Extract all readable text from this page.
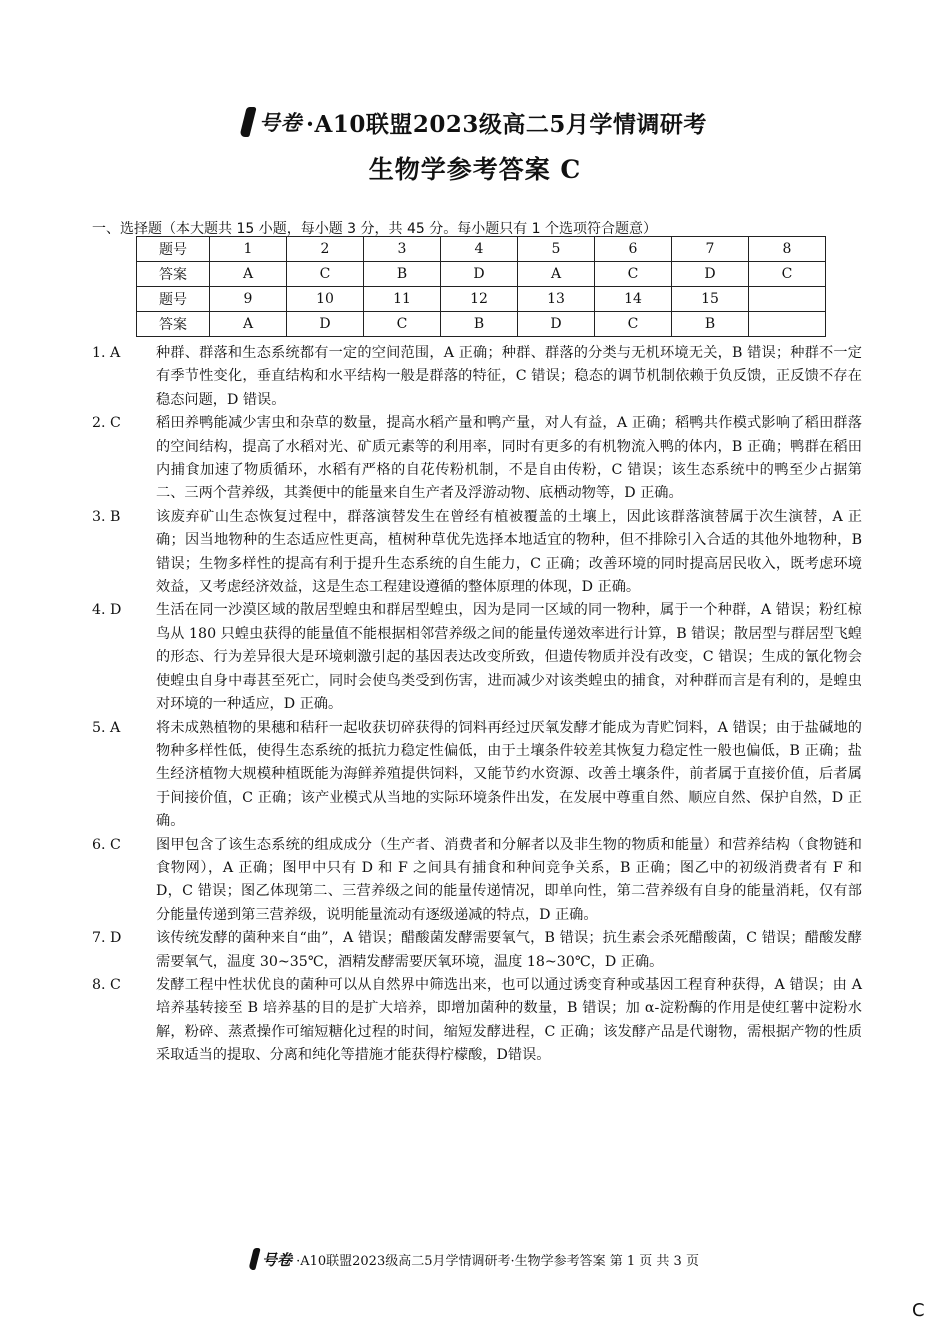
号卷 ·A10联盟2023级高二5月学情调研考
生物学参考答案 C
一、选择题（本大题共 15 小题，每小题 3 分，共 45 分。每小题只有 1 个选项符合题意）
题号	1	2	3	4	5	6	7	8
答案	A	C	B	D	A	C	D	C
题号	9	10	11	12	13	14	15	
答案	A	D	C	B	D	C	B	
1. A	种群、群落和生态系统都有一定的空间范围，A 正确；种群、群落的分类与无机环境无关，B 错误；种群不一定有季节性变化，垂直结构和水平结构一般是群落的特征，C 错误；稳态的调节机制依赖于负反馈，正反馈不存在稳态问题，D 错误。
2. C	稻田养鸭能减少害虫和杂草的数量，提高水稻产量和鸭产量，对人有益，A 正确；稻鸭共作模式影响了稻田群落的空间结构，提高了水稻对光、矿质元素等的利用率，同时有更多的有机物流入鸭的体内，B 正确；鸭群在稻田内捕食加速了物质循环，水稻有严格的自花传粉机制，不是自由传粉，C 错误；该生态系统中的鸭至少占据第二、三两个营养级，其粪便中的能量来自生产者及浮游动物、底栖动物等，D 正确。
3. B	该废弃矿山生态恢复过程中，群落演替发生在曾经有植被覆盖的土壤上，因此该群落演替属于次生演替，A 正确；因当地物种的生态适应性更高，植树种草优先选择本地适宜的物种，但不排除引入合适的其他外地物种，B 错误；生物多样性的提高有利于提升生态系统的自生能力，C 正确；改善环境的同时提高居民收入，既考虑环境效益，又考虑经济效益，这是生态工程建设遵循的整体原理的体现，D 正确。
4. D	生活在同一沙漠区域的散居型蝗虫和群居型蝗虫，因为是同一区域的同一物种，属于一个种群，A 错误；粉红椋鸟从 180 只蝗虫获得的能量值不能根据相邻营养级之间的能量传递效率进行计算，B 错误；散居型与群居型飞蝗的形态、行为差异很大是环境刺激引起的基因表达改变所致，但遗传物质并没有改变，C 错误；生成的氰化物会使蝗虫自身中毒甚至死亡，同时会使鸟类受到伤害，进而减少对该类蝗虫的捕食，对种群而言是有利的，是蝗虫对环境的一种适应，D 正确。
5. A	将未成熟植物的果穗和秸秆一起收获切碎获得的饲料再经过厌氧发酵才能成为青贮饲料，A 错误；由于盐碱地的物种多样性低，使得生态系统的抵抗力稳定性偏低，由于土壤条件较差其恢复力稳定性一般也偏低，B 正确；盐生经济植物大规模种植既能为海鲜养殖提供饲料，又能节约水资源、改善土壤条件，前者属于直接价值，后者属于间接价值，C 正确；该产业模式从当地的实际环境条件出发，在发展中尊重自然、顺应自然、保护自然，D 正确。
6. C	图甲包含了该生态系统的组成成分（生产者、消费者和分解者以及非生物的物质和能量）和营养结构（食物链和食物网），A 正确；图甲中只有 D 和 F 之间具有捕食和种间竞争关系，B 正确；图乙中的初级消费者有 F 和 D，C 错误；图乙体现第二、三营养级之间的能量传递情况，即单向性，第二营养级有自身的能量消耗，仅有部分能量传递到第三营养级，说明能量流动有逐级递减的特点，D 正确。
7. D	该传统发酵的菌种来自“曲”，A 错误；醋酸菌发酵需要氧气，B 错误；抗生素会杀死醋酸菌，C 错误；醋酸发酵需要氧气，温度 30~35℃，酒精发酵需要厌氧环境，温度 18~30℃，D 正确。
8. C	发酵工程中性状优良的菌种可以从自然界中筛选出来，也可以通过诱变育种或基因工程育种获得，A 错误；由 A 培养基转接至 B 培养基的目的是扩大培养，即增加菌种的数量，B 错误；加 α-淀粉酶的作用是使红薯中淀粉水解，粉碎、蒸煮操作可缩短糖化过程的时间，缩短发酵进程，C 正确；该发酵产品是代谢物，需根据产物的性质采取适当的提取、分离和纯化等措施才能获得柠檬酸，D错误。
号卷 ·A10联盟2023级高二5月学情调研考·生物学参考答案 第 1 页 共 3 页
C
